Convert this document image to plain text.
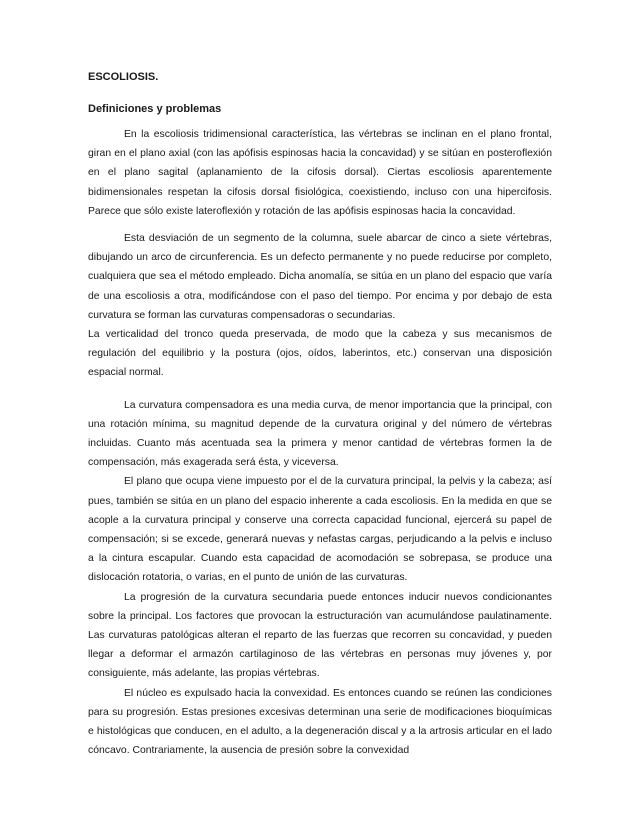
ESCOLIOSIS.

Definiciones y problemas

En la escoliosis tridimensional característica, las vértebras se inclinan en el plano frontal, giran en el plano axial (con las apófisis espinosas hacia la concavidad) y se sitúan en posteroflexión en el plano sagital (aplanamiento de la cifosis dorsal). Ciertas escoliosis aparentemente bidimensionales respetan la cifosis dorsal fisiológica, coexistiendo, incluso con una hipercifosis. Parece que sólo existe lateroflexión y rotación de las apófisis espinosas hacia la concavidad.

Esta desviación de un segmento de la columna, suele abarcar de cinco a siete vértebras, dibujando un arco de circunferencia. Es un defecto permanente y no puede reducirse por completo, cualquiera que sea el método empleado. Dicha anomalía, se sitúa en un plano del espacio que varía de una escoliosis a otra, modificándose con el paso del tiempo. Por encima y por debajo de esta curvatura se forman las curvaturas compensadoras o secundarias.

La verticalidad del tronco queda preservada, de modo que la cabeza y sus mecanismos de regulación del equilibrio y la postura (ojos, oídos, laberintos, etc.) conservan una disposición espacial normal.

La curvatura compensadora es una media curva, de menor importancia que la principal, con una rotación mínima, su magnitud depende de la curvatura original y del número de vértebras incluidas. Cuanto más acentuada sea la primera y menor cantidad de vértebras formen la de compensación, más exagerada será ésta, y viceversa.

El plano que ocupa viene impuesto por el de la curvatura principal, la pelvis y la cabeza; así pues, también se sitúa en un plano del espacio inherente a cada escoliosis. En la medida en que se acople a la curvatura principal y conserve una correcta capacidad funcional, ejercerá su papel de compensación; si se excede, generará nuevas y nefastas cargas, perjudicando a la pelvis e incluso a la cintura escapular. Cuando esta capacidad de acomodación se sobrepasa, se produce una dislocación rotatoria, o varias, en el punto de unión de las curvaturas.

La progresión de la curvatura secundaria puede entonces inducir nuevos condicionantes sobre la principal. Los factores que provocan la estructuración van acumulándose paulatinamente. Las curvaturas patológicas alteran el reparto de las fuerzas que recorren su concavidad, y pueden llegar a deformar el armazón cartilaginoso de las vértebras en personas muy jóvenes y, por consiguiente, más adelante, las propias vértebras.

El núcleo es expulsado hacia la convexidad. Es entonces cuando se reúnen las condiciones para su progresión. Estas presiones excesivas determinan una serie de modificaciones bioquímicas e histológicas que conducen, en el adulto, a la degeneración discal y a la artrosis articular en el lado cóncavo. Contrariamente, la ausencia de presión sobre la convexidad
